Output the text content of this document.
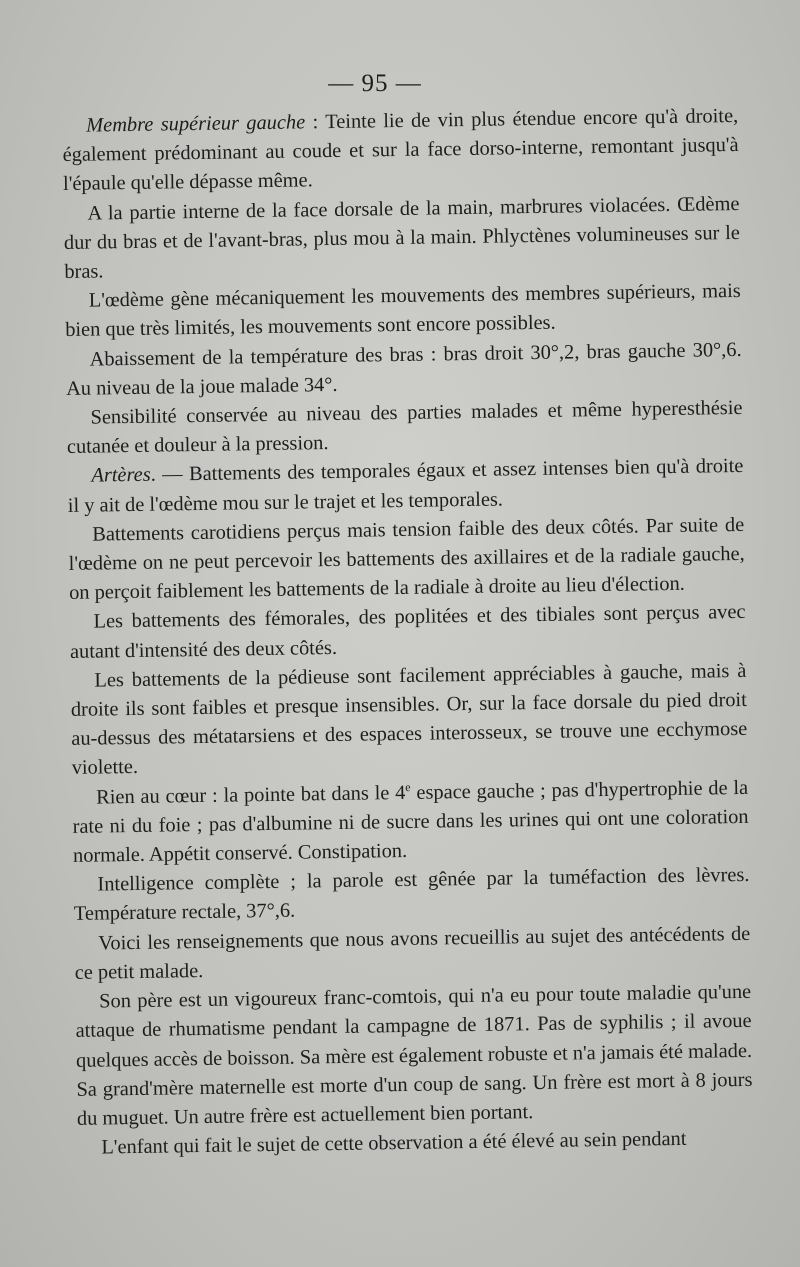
— 95 —

Membre supérieur gauche : Teinte lie de vin plus étendue encore qu'à droite, également prédominant au coude et sur la face dorso-interne, remontant jusqu'à l'épaule qu'elle dépasse même.

A la partie interne de la face dorsale de la main, marbrures violacées. Œdème dur du bras et de l'avant-bras, plus mou à la main. Phlyctènes volumineuses sur le bras.

L'œdème gène mécaniquement les mouvements des membres supérieurs, mais bien que très limités, les mouvements sont encore possibles.

Abaissement de la température des bras : bras droit 30°,2, bras gauche 30°,6. Au niveau de la joue malade 34°.

Sensibilité conservée au niveau des parties malades et même hyperesthésie cutanée et douleur à la pression.

Artères. — Battements des temporales égaux et assez intenses bien qu'à droite il y ait de l'œdème mou sur le trajet et les temporales.

Battements carotidiens perçus mais tension faible des deux côtés. Par suite de l'œdème on ne peut percevoir les battements des axillaires et de la radiale gauche, on perçoit faiblement les battements de la radiale à droite au lieu d'élection.

Les battements des fémorales, des poplitées et des tibiales sont perçus avec autant d'intensité des deux côtés.

Les battements de la pédieuse sont facilement appréciables à gauche, mais à droite ils sont faibles et presque insensibles. Or, sur la face dorsale du pied droit au-dessus des métatarsiens et des espaces interosseux, se trouve une ecchymose violette.

Rien au cœur : la pointe bat dans le 4e espace gauche ; pas d'hypertrophie de la rate ni du foie ; pas d'albumine ni de sucre dans les urines qui ont une coloration normale. Appétit conservé. Constipation.

Intelligence complète ; la parole est gênée par la tuméfaction des lèvres. Température rectale, 37°,6.

Voici les renseignements que nous avons recueillis au sujet des antécédents de ce petit malade.

Son père est un vigoureux franc-comtois, qui n'a eu pour toute maladie qu'une attaque de rhumatisme pendant la campagne de 1871. Pas de syphilis ; il avoue quelques accès de boisson. Sa mère est également robuste et n'a jamais été malade. Sa grand'mère maternelle est morte d'un coup de sang. Un frère est mort à 8 jours du muguet. Un autre frère est actuellement bien portant.

L'enfant qui fait le sujet de cette observation a été élevé au sein pendant
